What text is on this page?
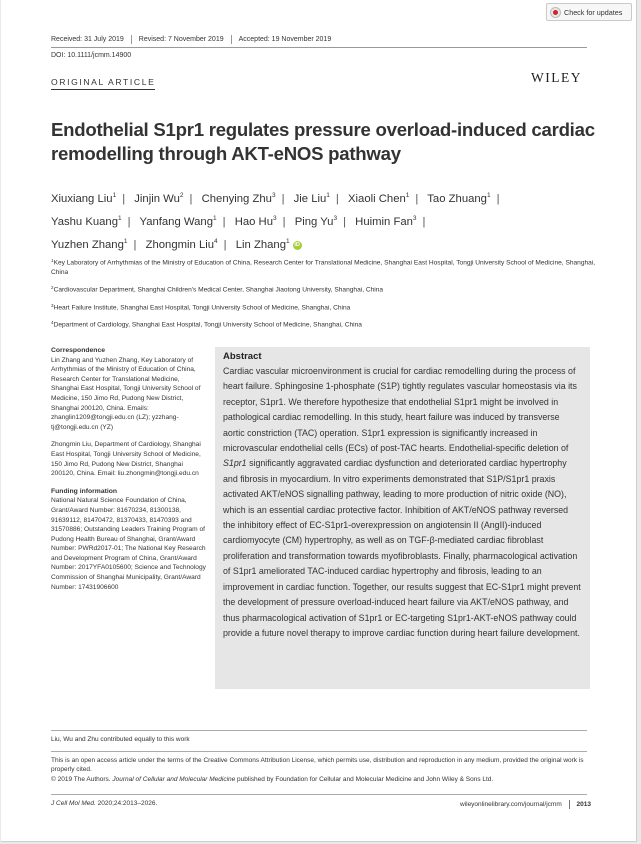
Check for updates
Received: 31 July 2019	Revised: 7 November 2019	Accepted: 19 November 2019
DOI: 10.1111/jcmm.14900
ORIGINAL ARTICLE	WILEY
Endothelial S1pr1 regulates pressure overload-induced cardiac remodelling through AKT-eNOS pathway
Xiuxiang Liu$^1$ | Jinjin Wu$^2$ | Chenying Zhu$^3$ | Jie Liu$^1$ | Xiaoli Chen$^1$ | Tao Zhuang$^1$ |
Yashu Kuang$^1$ | Yanfang Wang$^1$ | Hao Hu$^3$ | Ping Yu$^3$ | Huimin Fan$^3$ |
Yuzhen Zhang$^1$ | Zhongmin Liu$^4$ | Lin Zhang$^1$ iD

$^1$Key Laboratory of Arrhythmias of the Ministry of Education of China, Research Center for Translational Medicine, Shanghai East Hospital, Tongji University School of Medicine, Shanghai, China

$^2$Cardiovascular Department, Shanghai Children's Medical Center, Shanghai Jiaotong University, Shanghai, China

$^3$Heart Failure Institute, Shanghai East Hospital, Tongji University School of Medicine, Shanghai, China

$^4$Department of Cardiology, Shanghai East Hospital, Tongji University School of Medicine, Shanghai, China

Correspondence

Lin Zhang and Yuzhen Zhang, Key Laboratory of Arrhythmias of the Ministry of Education of China, Research Center for Translational Medicine, Shanghai East Hospital, Tongji University School of Medicine, 150 Jimo Rd, Pudong New District, Shanghai 200120, China. Emails: zhanglin1209@tongji.edu.cn (LZ); yzzhang-tj@tongji.edu.cn (YZ)

Zhongmin Liu, Department of Cardiology, Shanghai East Hospital, Tongji University School of Medicine, 150 Jimo Rd, Pudong New District, Shanghai 200120, China. Email: liu.zhongmin@tongji.edu.cn

Funding information

National Natural Science Foundation of China, Grant/Award Number: 81670234, 81300138, 91639112, 81470472, 81370433, 81470393 and 31570886; Outstanding Leaders Training Program of Pudong Health Bureau of Shanghai, Grant/Award Number: PWRd2017-01; The National Key Research and Development Program of China, Grant/Award Number: 2017YFA0105600; Science and Technology Commission of Shanghai Municipality, Grant/Award Number: 17431906600

Abstract

Cardiac vascular microenvironment is crucial for cardiac remodelling during the process of heart failure. Sphingosine 1-phosphate (S1P) tightly regulates vascular homeostasis via its receptor, S1pr1. We therefore hypothesize that endothelial S1pr1 might be involved in pathological cardiac remodelling. In this study, heart failure was induced by transverse aortic constriction (TAC) operation. S1pr1 expression is significantly increased in microvascular endothelial cells (ECs) of post-TAC hearts. Endothelial-specific deletion of S1pr1 significantly aggravated cardiac dysfunction and deteriorated cardiac hypertrophy and fibrosis in myocardium. In vitro experiments demonstrated that S1P/S1pr1 praxis activated AKT/eNOS signalling pathway, leading to more production of nitric oxide (NO), which is an essential cardiac protective factor. Inhibition of AKT/eNOS pathway reversed the inhibitory effect of EC-S1pr1-overexpression on angiotensin II (AngII)-induced cardiomyocyte (CM) hypertrophy, as well as on TGF-β-mediated cardiac fibroblast proliferation and transformation towards myofibroblasts. Finally, pharmacological activation of S1pr1 ameliorated TAC-induced cardiac hypertrophy and fibrosis, leading to an improvement in cardiac function. Together, our results suggest that EC-S1pr1 might prevent the development of pressure overload-induced heart failure via AKT/eNOS pathway, and thus pharmacological activation of S1pr1 or EC-targeting S1pr1-AKT-eNOS pathway could provide a future novel therapy to improve cardiac function during heart failure development.

Liu, Wu and Zhu contributed equally to this work

This is an open access article under the terms of the Creative Commons Attribution License, which permits use, distribution and reproduction in any medium, provided the original work is properly cited.

© 2019 The Authors. Journal of Cellular and Molecular Medicine published by Foundation for Cellular and Molecular Medicine and John Wiley & Sons Ltd.

J Cell Mol Med. 2020;24:2013–2026.	wileyonlinelibrary.com/journal/jcmm 2013
